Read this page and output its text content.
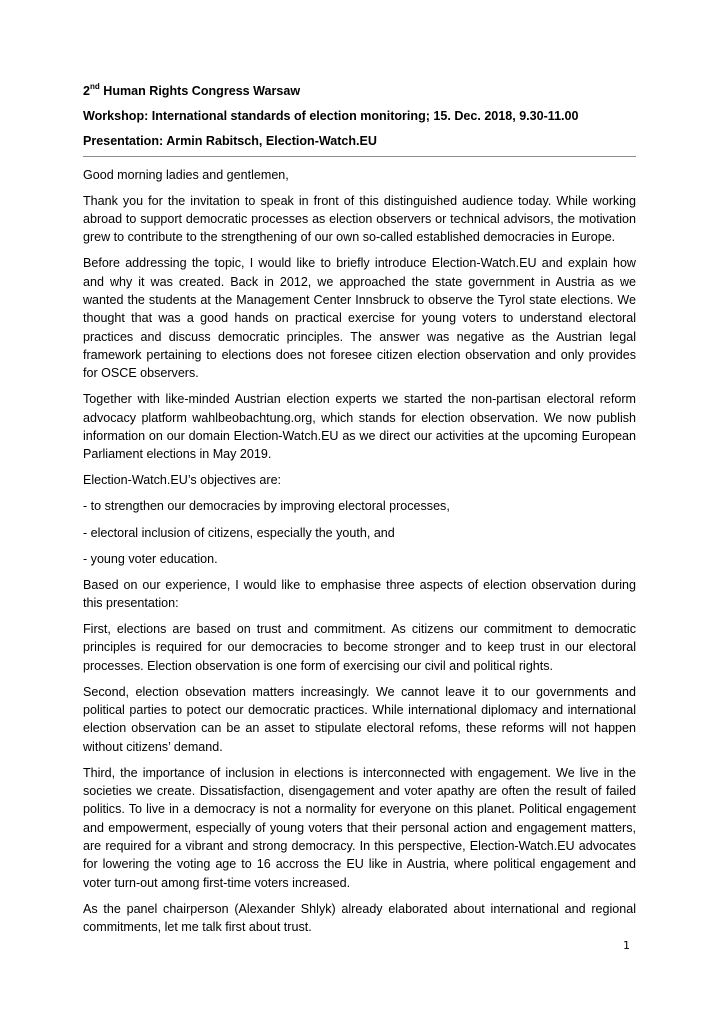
2nd Human Rights Congress Warsaw

Workshop: International standards of election monitoring; 15. Dec. 2018, 9.30-11.00

Presentation: Armin Rabitsch, Election-Watch.EU

Good morning ladies and gentlemen,

Thank you for the invitation to speak in front of this distinguished audience today. While working abroad to support democratic processes as election observers or technical advisors, the motivation grew to contribute to the strengthening of our own so-called established democracies in Europe.

Before addressing the topic, I would like to briefly introduce Election-Watch.EU and explain how and why it was created. Back in 2012, we approached the state government in Austria as we wanted the students at the Management Center Innsbruck to observe the Tyrol state elections. We thought that was a good hands on practical exercise for young voters to understand electoral practices and discuss democratic principles. The answer was negative as the Austrian legal framework pertaining to elections does not foresee citizen election observation and only provides for OSCE observers.

Together with like-minded Austrian election experts we started the non-partisan electoral reform advocacy platform wahlbeobachtung.org, which stands for election observation. We now publish information on our domain Election-Watch.EU as we direct our activities at the upcoming European Parliament elections in May 2019.

Election-Watch.EU’s objectives are:

- to strengthen our democracies by improving electoral processes,

- electoral inclusion of citizens, especially the youth, and

- young voter education.

Based on our experience, I would like to emphasise three aspects of election observation during this presentation:

First, elections are based on trust and commitment. As citizens our commitment to democratic principles is required for our democracies to become stronger and to keep trust in our electoral processes. Election observation is one form of exercising our civil and political rights.

Second, election obsevation matters increasingly. We cannot leave it to our governments and political parties to potect our democratic practices. While international diplomacy and international election observation can be an asset to stipulate electoral refoms, these reforms will not happen without citizens’ demand.

Third, the importance of inclusion in elections is interconnected with engagement. We live in the societies we create. Dissatisfaction, disengagement and voter apathy are often the result of failed politics. To live in a democracy is not a normality for everyone on this planet. Political engagement and empowerment, especially of young voters that their personal action and engagement matters, are required for a vibrant and strong democracy. In this perspective, Election-Watch.EU advocates for lowering the voting age to 16 accross the EU like in Austria, where political engagement and voter turn-out among first-time voters increased.

As the panel chairperson (Alexander Shlyk) already elaborated about international and regional commitments, let me talk first about trust.

1
